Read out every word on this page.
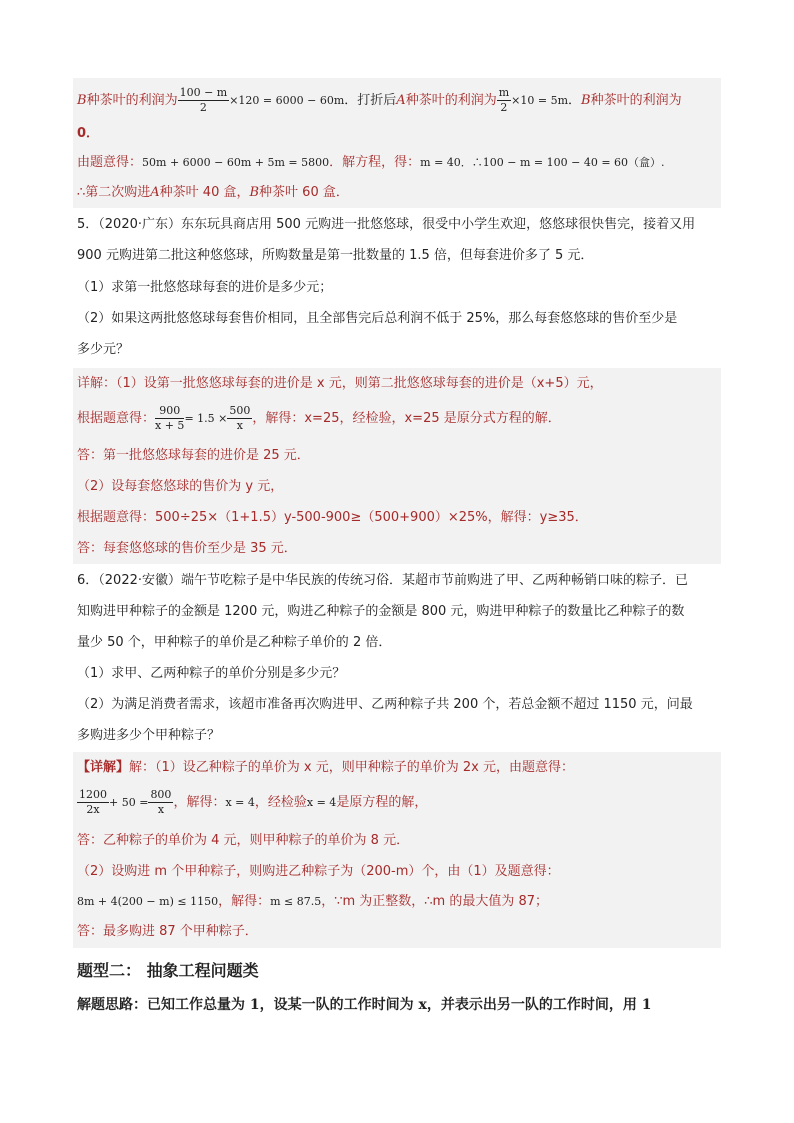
B种茶叶的利润为 $\frac{100 - m}{2} \times 120 = 6000 - 60m$．打折后A种茶叶的利润为 $\frac{m}{2} \times 10 = 5m$．B种茶叶的利润为
0．
由题意得：50m + 6000 − 60m + 5m = 5800．解方程，得：m = 40．∴100 − m = 100 − 40 = 60（盒）.
∴第二次购进A种茶叶 40 盒，B种茶叶 60 盒．
5．（2020·广东）东东玩具商店用 500 元购进一批悠悠球，很受中小学生欢迎，悠悠球很快售完，接着又用
900 元购进第二批这种悠悠球，所购数量是第一批数量的 1.5 倍，但每套进价多了 5 元．
（1）求第一批悠悠球每套的进价是多少元；
（2）如果这两批悠悠球每套售价相同，且全部售完后总利润不低于 25%，那么每套悠悠球的售价至少是
多少元？
详解：（1）设第一批悠悠球每套的进价是 x 元，则第二批悠悠球每套的进价是（x+5）元，
根据题意得： $\frac{900}{x + 5} = 1.5 \times \frac{500}{x}$ ，解得：x=25，经检验，x=25 是原分式方程的解．
答：第一批悠悠球每套的进价是 25 元．
（2）设每套悠悠球的售价为 y 元，
根据题意得：500÷25×（1+1.5）y-500-900≥（500+900）×25%，解得：y≥35．
答：每套悠悠球的售价至少是 35 元．
6．（2022·安徽）端午节吃粽子是中华民族的传统习俗．某超市节前购进了甲、乙两种畅销口味的粽子．已
知购进甲种粽子的金额是 1200 元，购进乙种粽子的金额是 800 元，购进甲种粽子的数量比乙种粽子的数
量少 50 个，甲种粽子的单价是乙种粽子单价的 2 倍．
（1）求甲、乙两种粽子的单价分别是多少元？
（2）为满足消费者需求，该超市准备再次购进甲、乙两种粽子共 200 个，若总金额不超过 1150 元，问最
多购进多少个甲种粽子？
【详解】解：（1）设乙种粽子的单价为 x 元，则甲种粽子的单价为 2x 元，由题意得：
$\frac{1200}{2x} + 50 = \frac{800}{x}$ ，解得：x = 4，经检验x = 4是原方程的解，
答：乙种粽子的单价为 4 元，则甲种粽子的单价为 8 元．
（2）设购进 m 个甲种粽子，则购进乙种粽子为（200-m）个，由（1）及题意得：
8m + 4(200 − m) ≤ 1150，解得：m ≤ 87.5，∵m 为正整数，∴m 的最大值为 87；
答：最多购进 87 个甲种粽子．
题型二： 抽象工程问题类
解题思路：已知工作总量为 1，设某一队的工作时间为 x，并表示出另一队的工作时间，用 1
